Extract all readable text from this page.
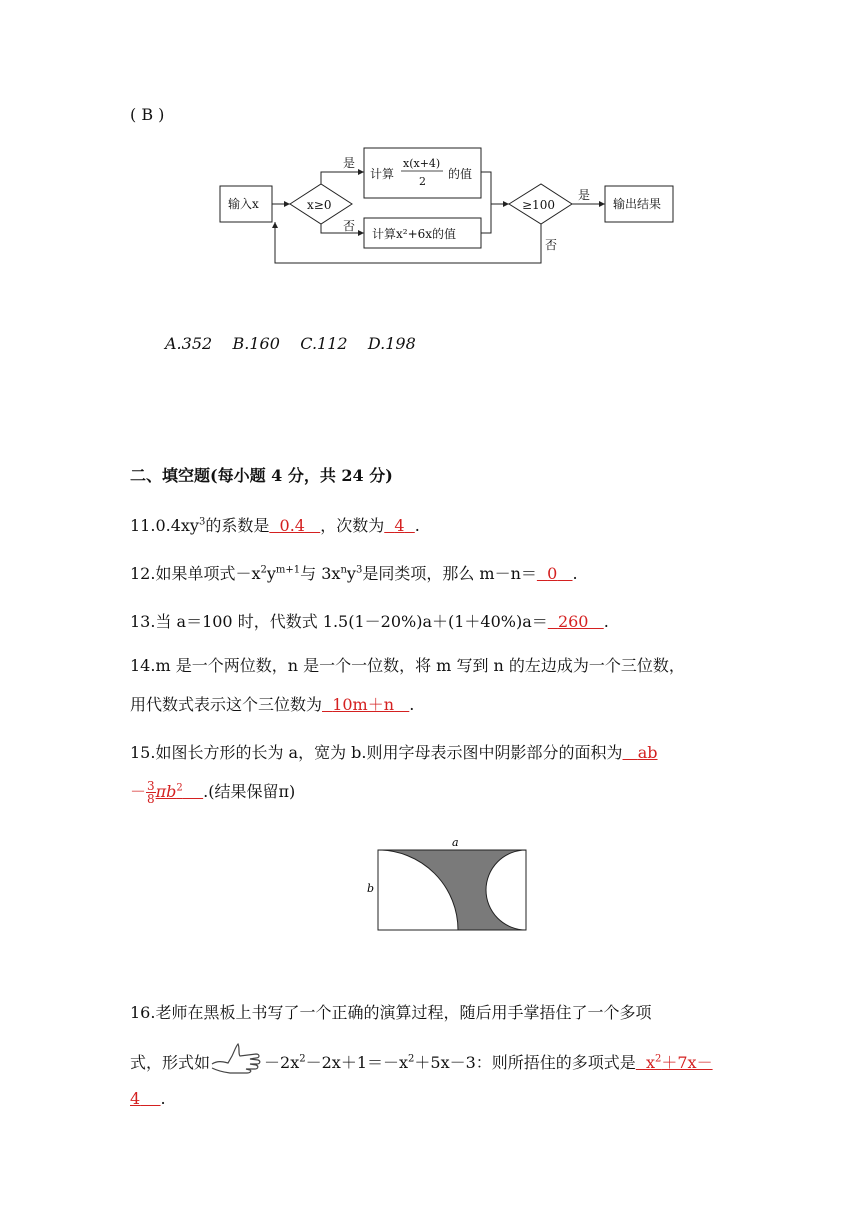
( B )
输入x	x≥0
是
否
计算
x(x+4)
2
的值
计算x²+6x的值
≥100
是
否
输出结果
A.352 B.160 C.112 D.198
二、填空题(每小题 4 分，共 24 分)
$11.0.4xy^3$的系数是 0.4 ，次数为 4 .
12.如果单项式$-x^2y^{m+1}$与 $3x^ny^3$是同类项，那么 m－n＝ 0 .
13.当 a＝100 时，代数式 1.5(1－20%)a＋(1＋40%)a＝ 260 .
14.m 是一个两位数，n 是一个一位数，将 m 写到 n 的左边成为一个三位数，
用代数式表示这个三位数为 10m＋n .
15.如图长方形的长为 a，宽为 b.则用字母表示图中阴影部分的面积为 ab
－ $\frac{3}{8} \pi b^2$ .(结果保留π)
a
b
16.老师在黑板上书写了一个正确的演算过程，随后用手掌捂住了一个多项
式，形式如	$-2x^2-2x+1=-x^2+5x-3$：则所捂住的多项式是 $x^2+7x-$
4 .
